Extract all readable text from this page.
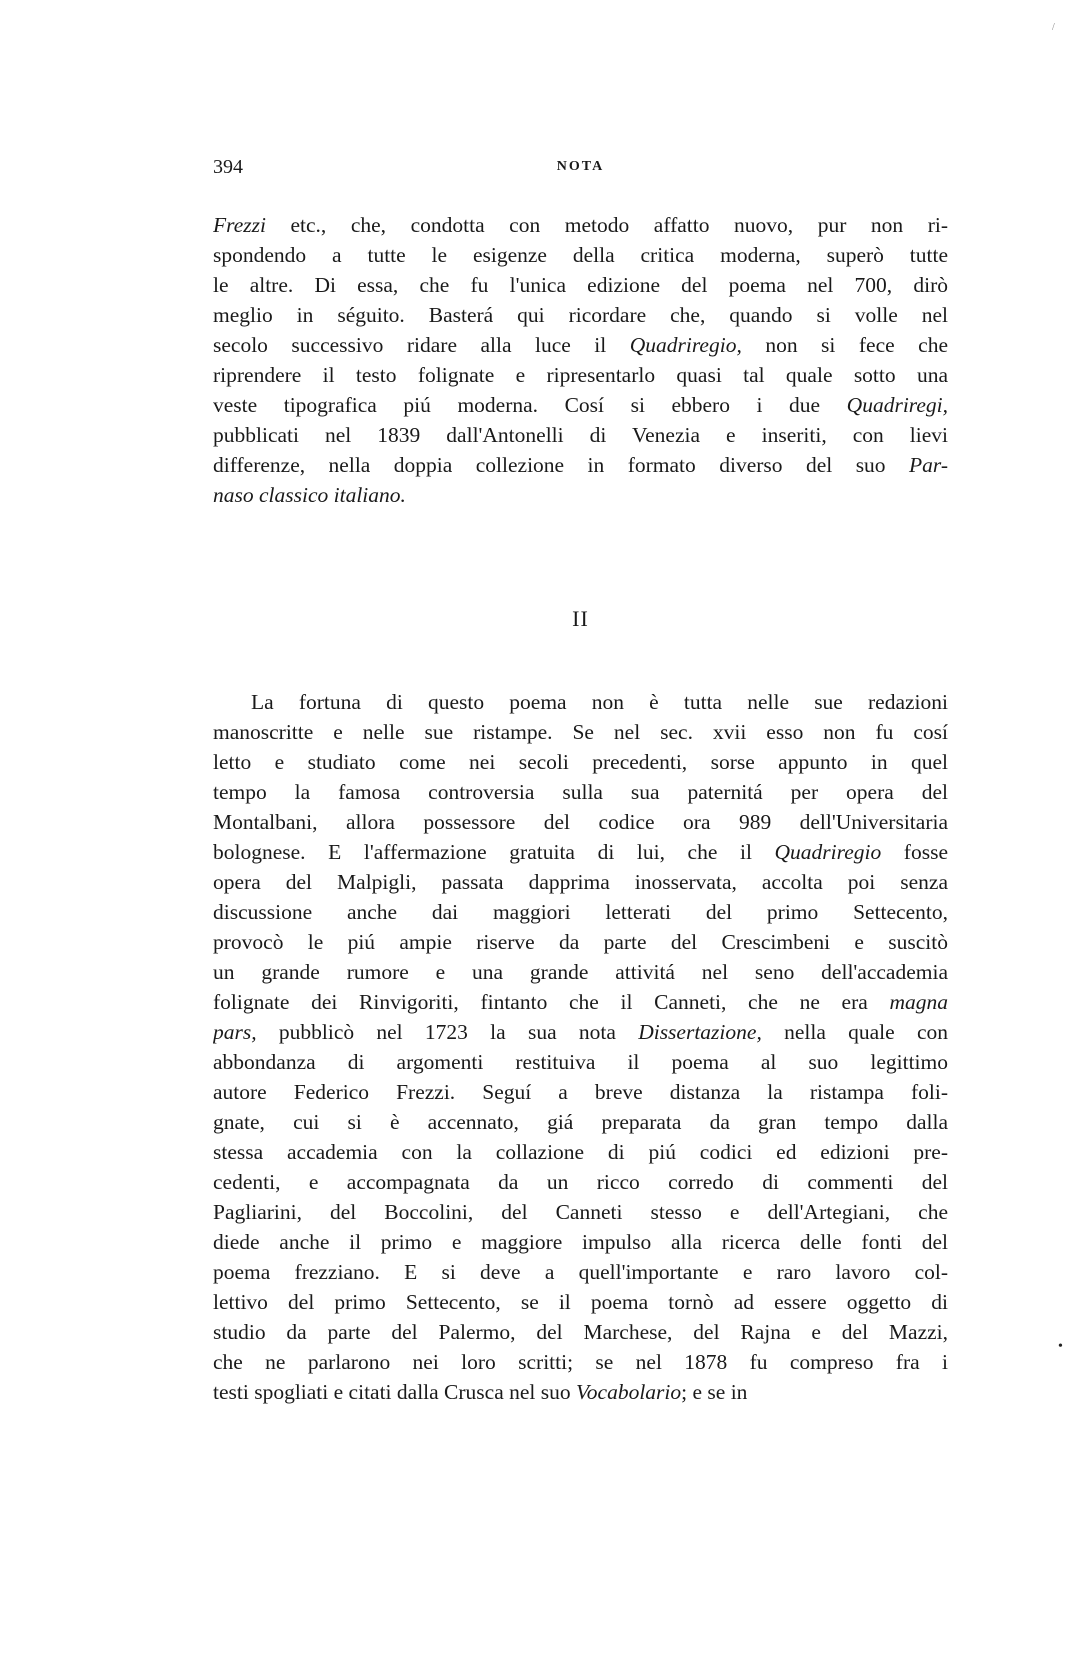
/
394	NOTA
Frezzi etc., che, condotta con metodo affatto nuovo, pur non ri-
spondendo a tutte le esigenze della critica moderna, superò tutte
le altre. Di essa, che fu l'unica edizione del poema nel 700, dirò
meglio in séguito. Basterá qui ricordare che, quando si volle nel
secolo successivo ridare alla luce il Quadriregio, non si fece che
riprendere il testo folignate e ripresentarlo quasi tal quale sotto una
veste tipografica piú moderna. Cosí si ebbero i due Quadriregi,
pubblicati nel 1839 dall'Antonelli di Venezia e inseriti, con lievi
differenze, nella doppia collezione in formato diverso del suo Par-
naso classico italiano.
II
La fortuna di questo poema non è tutta nelle sue redazioni
manoscritte e nelle sue ristampe. Se nel sec. xvii esso non fu cosí
letto e studiato come nei secoli precedenti, sorse appunto in quel
tempo la famosa controversia sulla sua paternitá per opera del
Montalbani, allora possessore del codice ora 989 dell'Universitaria
bolognese. E l'affermazione gratuita di lui, che il Quadriregio fosse
opera del Malpigli, passata dapprima inosservata, accolta poi senza
discussione anche dai maggiori letterati del primo Settecento,
provocò le piú ampie riserve da parte del Crescimbeni e suscitò
un grande rumore e una grande attivitá nel seno dell'accademia
folignate dei Rinvigoriti, fintanto che il Canneti, che ne era magna
pars, pubblicò nel 1723 la sua nota Dissertazione, nella quale con
abbondanza di argomenti restituiva il poema al suo legittimo
autore Federico Frezzi. Seguí a breve distanza la ristampa foli-
gnate, cui si è accennato, giá preparata da gran tempo dalla
stessa accademia con la collazione di piú codici ed edizioni pre-
cedenti, e accompagnata da un ricco corredo di commenti del
Pagliarini, del Boccolini, del Canneti stesso e dell'Artegiani, che
diede anche il primo e maggiore impulso alla ricerca delle fonti del
poema frezziano. E si deve a quell'importante e raro lavoro col-
lettivo del primo Settecento, se il poema tornò ad essere oggetto di
studio da parte del Palermo, del Marchese, del Rajna e del Mazzi,
che ne parlarono nei loro scritti; se nel 1878 fu compreso fra i
testi spogliati e citati dalla Crusca nel suo Vocabolario; e se in
•
